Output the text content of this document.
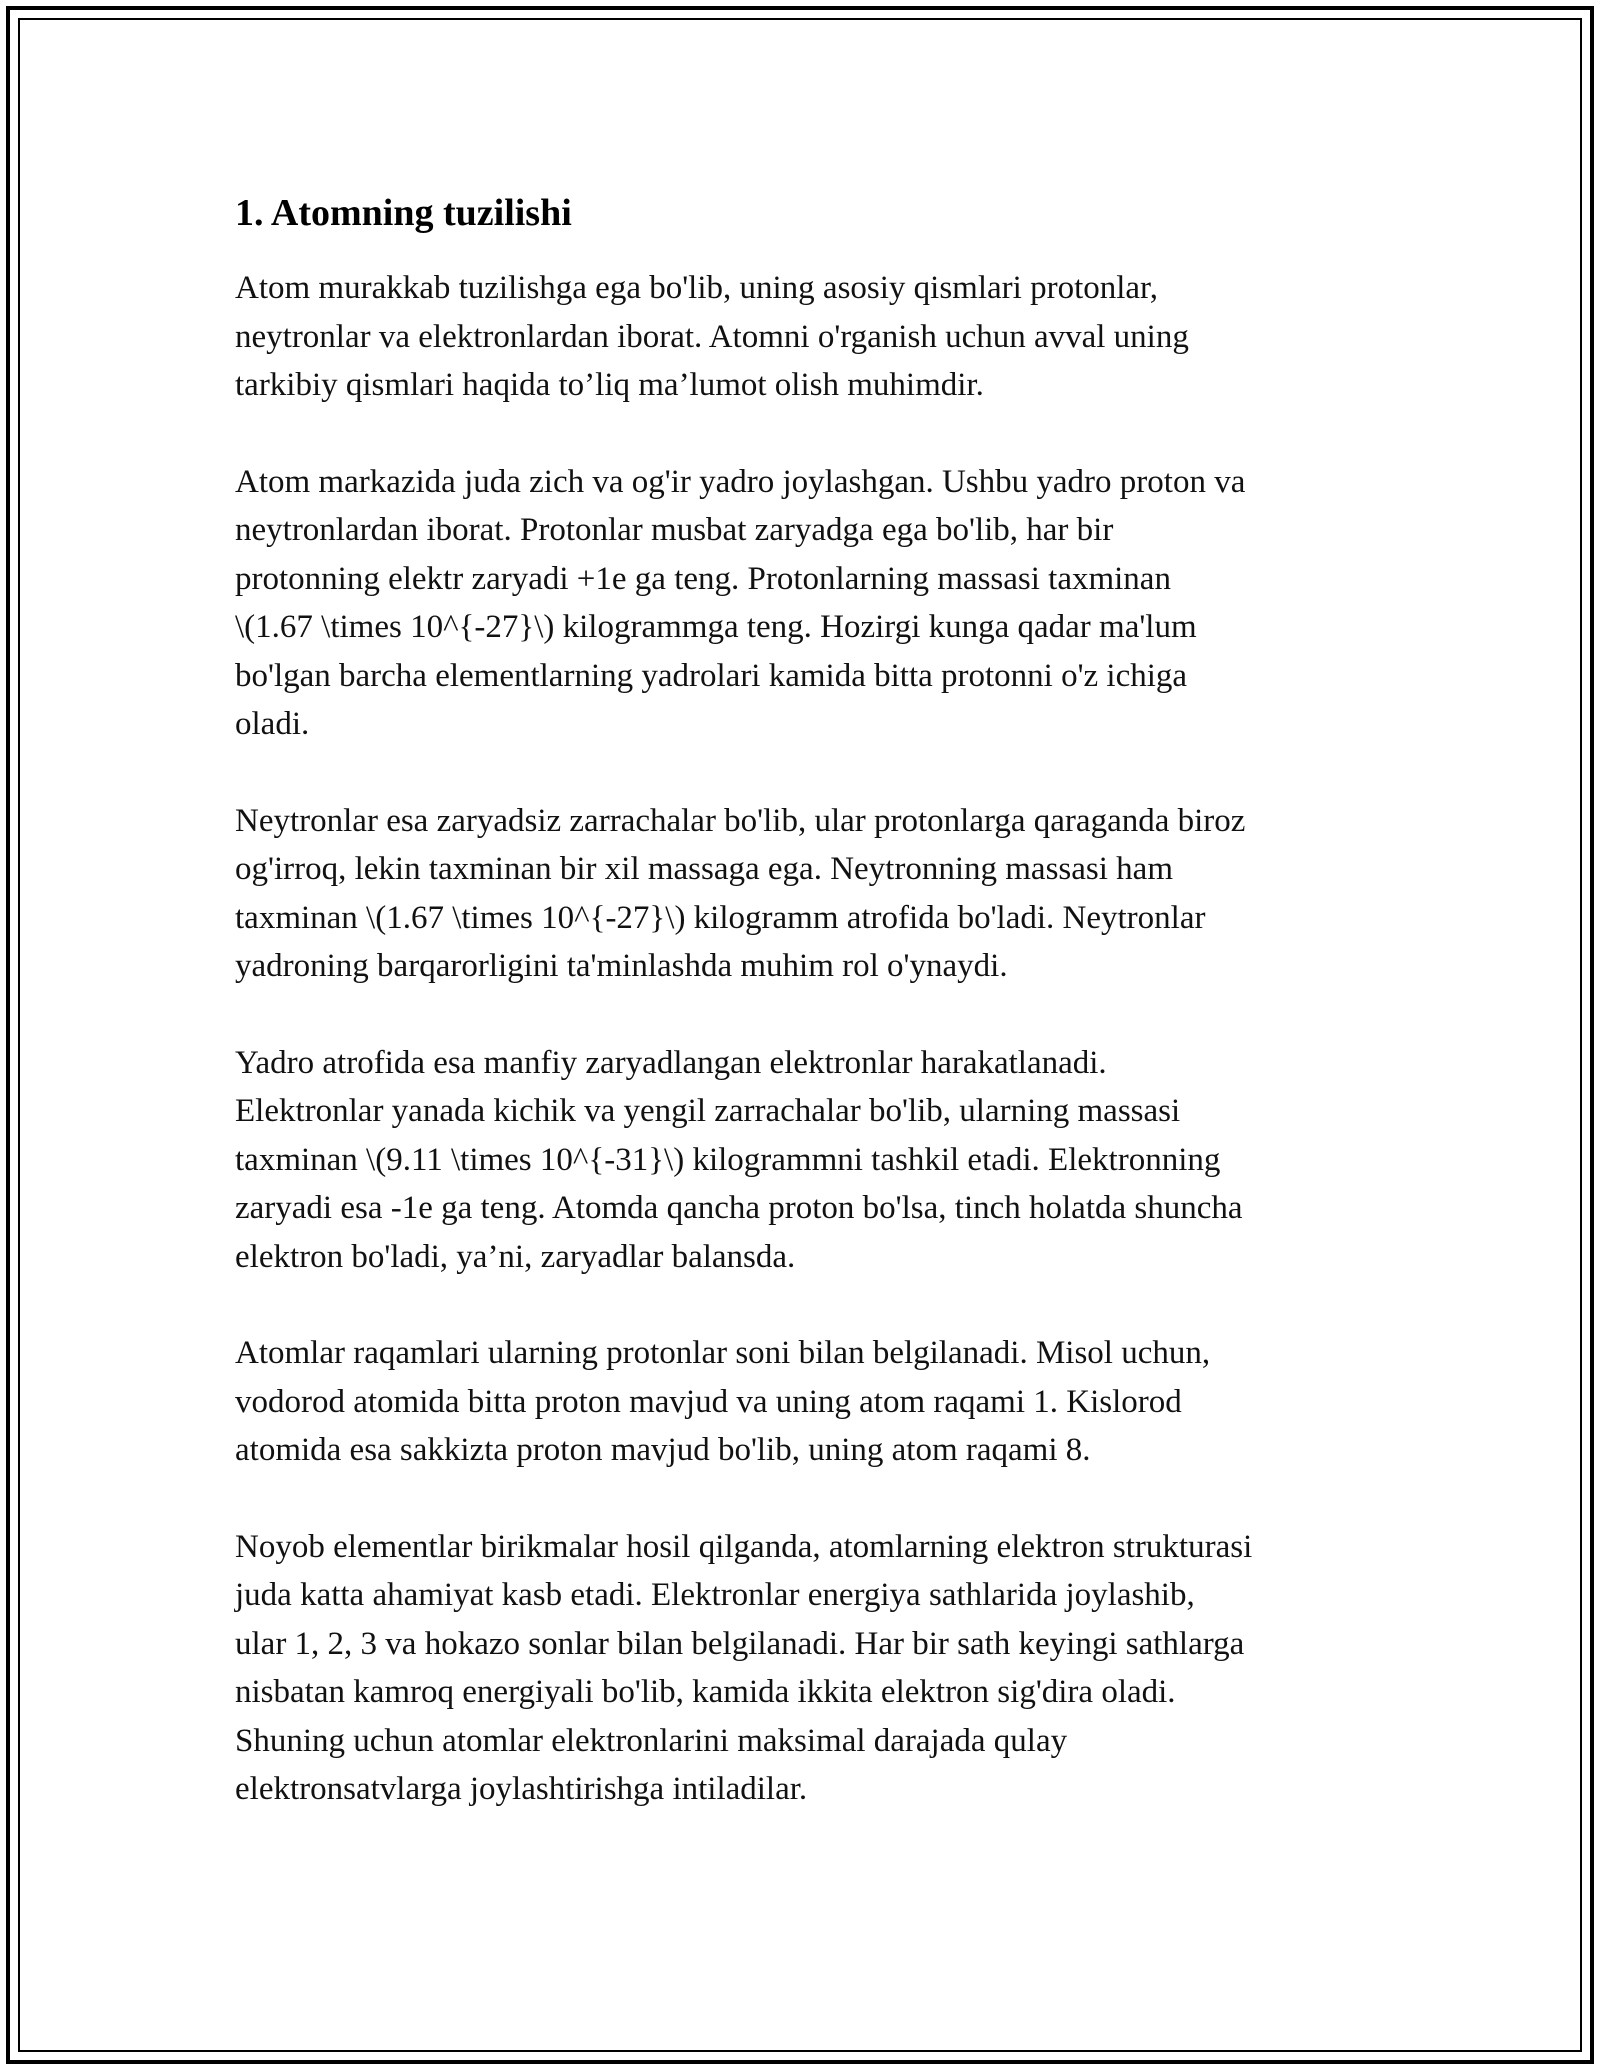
1. Atomning tuzilishi

Atom murakkab tuzilishga ega bo'lib, uning asosiy qismlari protonlar,
neytronlar va elektronlardan iborat. Atomni o'rganish uchun avval uning
tarkibiy qismlari haqida to’liq ma’lumot olish muhimdir.

Atom markazida juda zich va og'ir yadro joylashgan. Ushbu yadro proton va
neytronlardan iborat. Protonlar musbat zaryadga ega bo'lib, har bir
protonning elektr zaryadi +1e ga teng. Protonlarning massasi taxminan
\(1.67 \times 10^{-27}\) kilogrammga teng. Hozirgi kunga qadar ma'lum
bo'lgan barcha elementlarning yadrolari kamida bitta protonni o'z ichiga
oladi.

Neytronlar esa zaryadsiz zarrachalar bo'lib, ular protonlarga qaraganda biroz
og'irroq, lekin taxminan bir xil massaga ega. Neytronning massasi ham
taxminan \(1.67 \times 10^{-27}\) kilogramm atrofida bo'ladi. Neytronlar
yadroning barqarorligini ta'minlashda muhim rol o'ynaydi.

Yadro atrofida esa manfiy zaryadlangan elektronlar harakatlanadi.
Elektronlar yanada kichik va yengil zarrachalar bo'lib, ularning massasi
taxminan \(9.11 \times 10^{-31}\) kilogrammni tashkil etadi. Elektronning
zaryadi esa -1e ga teng. Atomda qancha proton bo'lsa, tinch holatda shuncha
elektron bo'ladi, ya’ni, zaryadlar balansda.

Atomlar raqamlari ularning protonlar soni bilan belgilanadi. Misol uchun,
vodorod atomida bitta proton mavjud va uning atom raqami 1. Kislorod
atomida esa sakkizta proton mavjud bo'lib, uning atom raqami 8.

Noyob elementlar birikmalar hosil qilganda, atomlarning elektron strukturasi
juda katta ahamiyat kasb etadi. Elektronlar energiya sathlarida joylashib,
ular 1, 2, 3 va hokazo sonlar bilan belgilanadi. Har bir sath keyingi sathlarga
nisbatan kamroq energiyali bo'lib, kamida ikkita elektron sig'dira oladi.
Shuning uchun atomlar elektronlarini maksimal darajada qulay
elektronsatvlarga joylashtirishga intiladilar.
